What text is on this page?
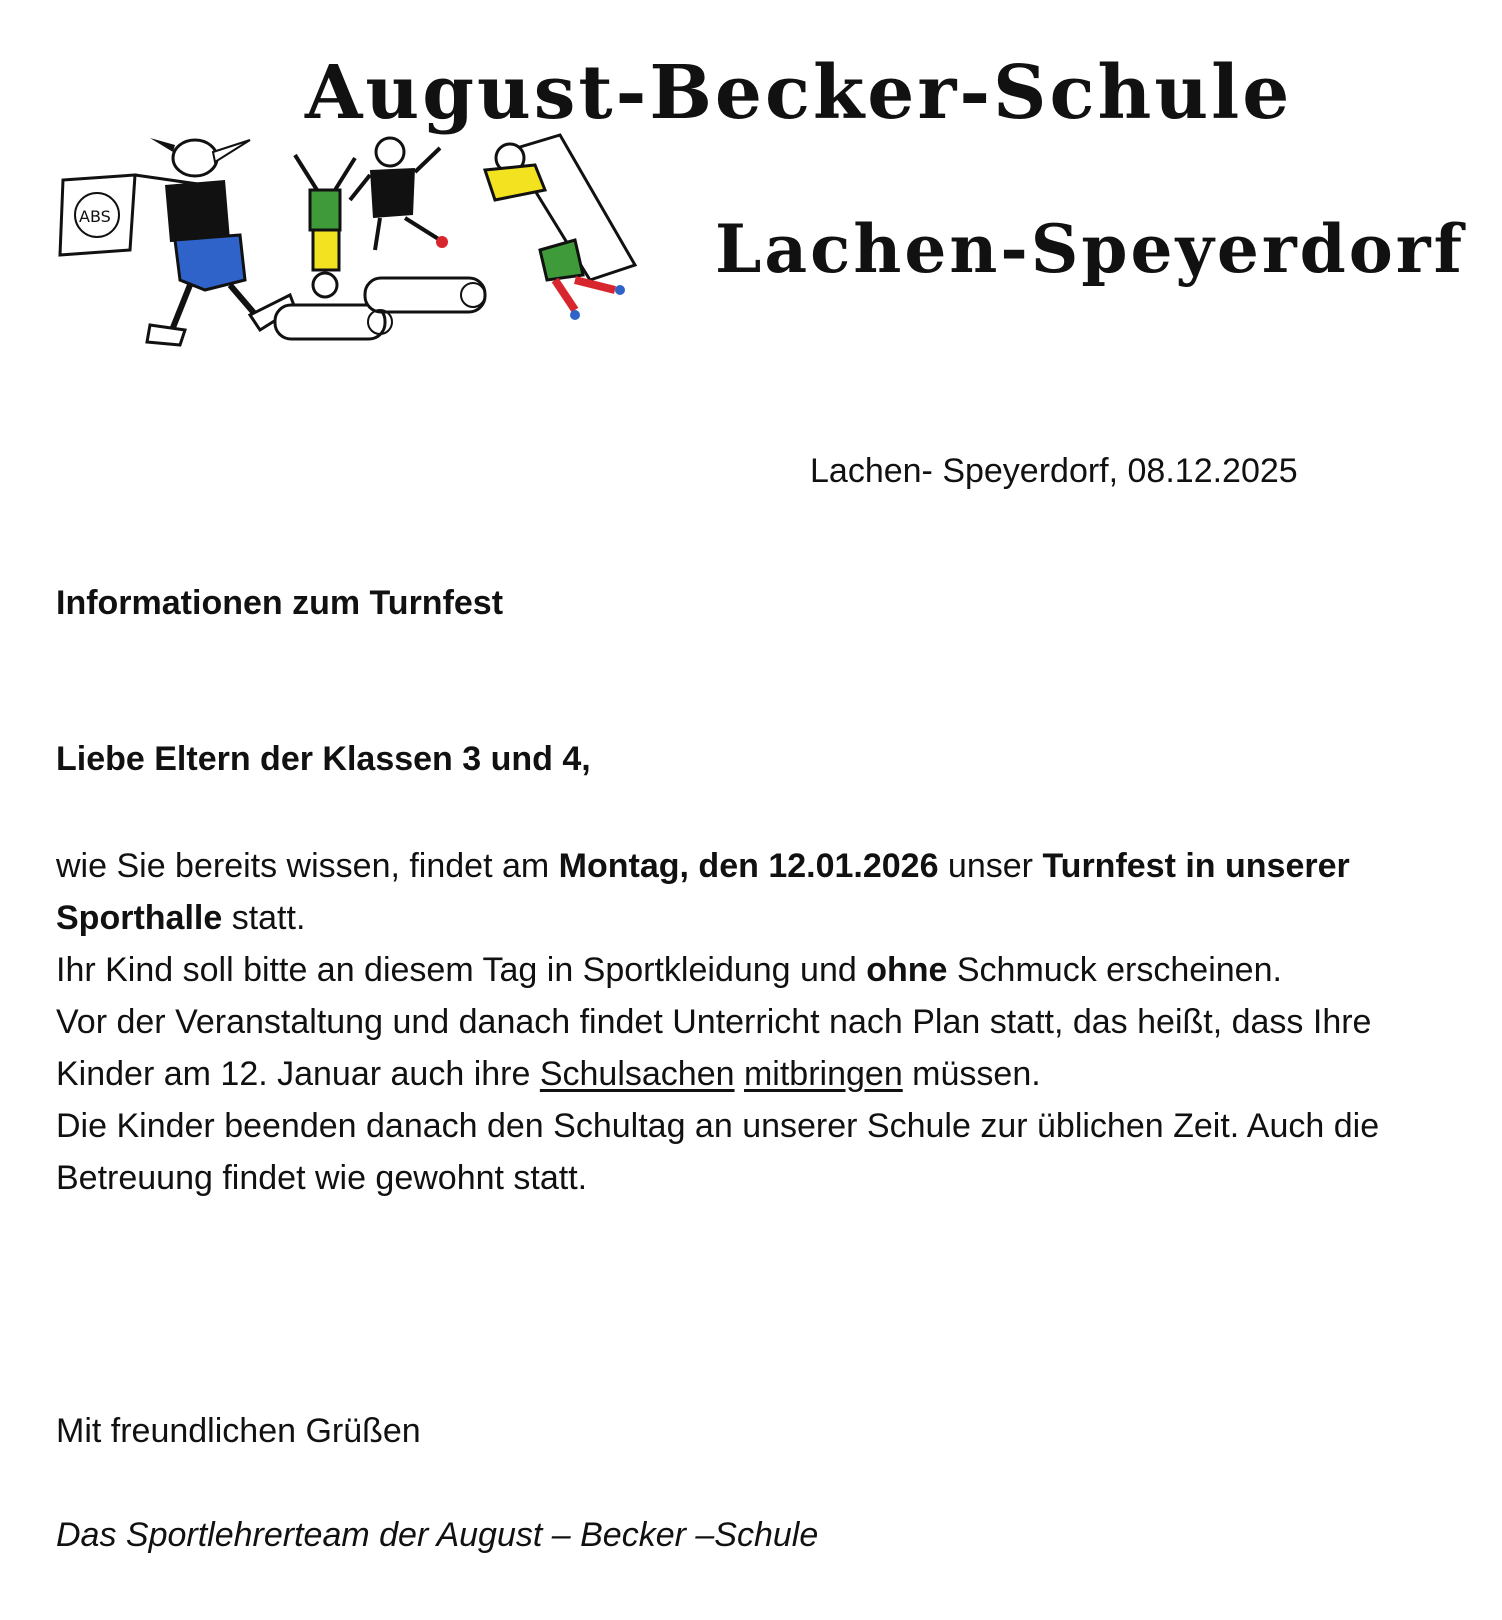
August-Becker-Schule
Lachen-Speyerdorf
ABS
Lachen- Speyerdorf, 08.12.2025
Informationen zum Turnfest
Liebe Eltern der Klassen 3 und 4,

wie Sie bereits wissen, findet am Montag, den 12.01.2026 unser Turnfest in unserer Sporthalle statt.

Ihr Kind soll bitte an diesem Tag in Sportkleidung und ohne Schmuck erscheinen.

Vor der Veranstaltung und danach findet Unterricht nach Plan statt, das heißt, dass Ihre Kinder am 12. Januar auch ihre Schulsachen mitbringen müssen.

Die Kinder beenden danach den Schultag an unserer Schule zur üblichen Zeit. Auch die Betreuung findet wie gewohnt statt.

Mit freundlichen Grüßen
Das Sportlehrerteam der August – Becker –Schule
